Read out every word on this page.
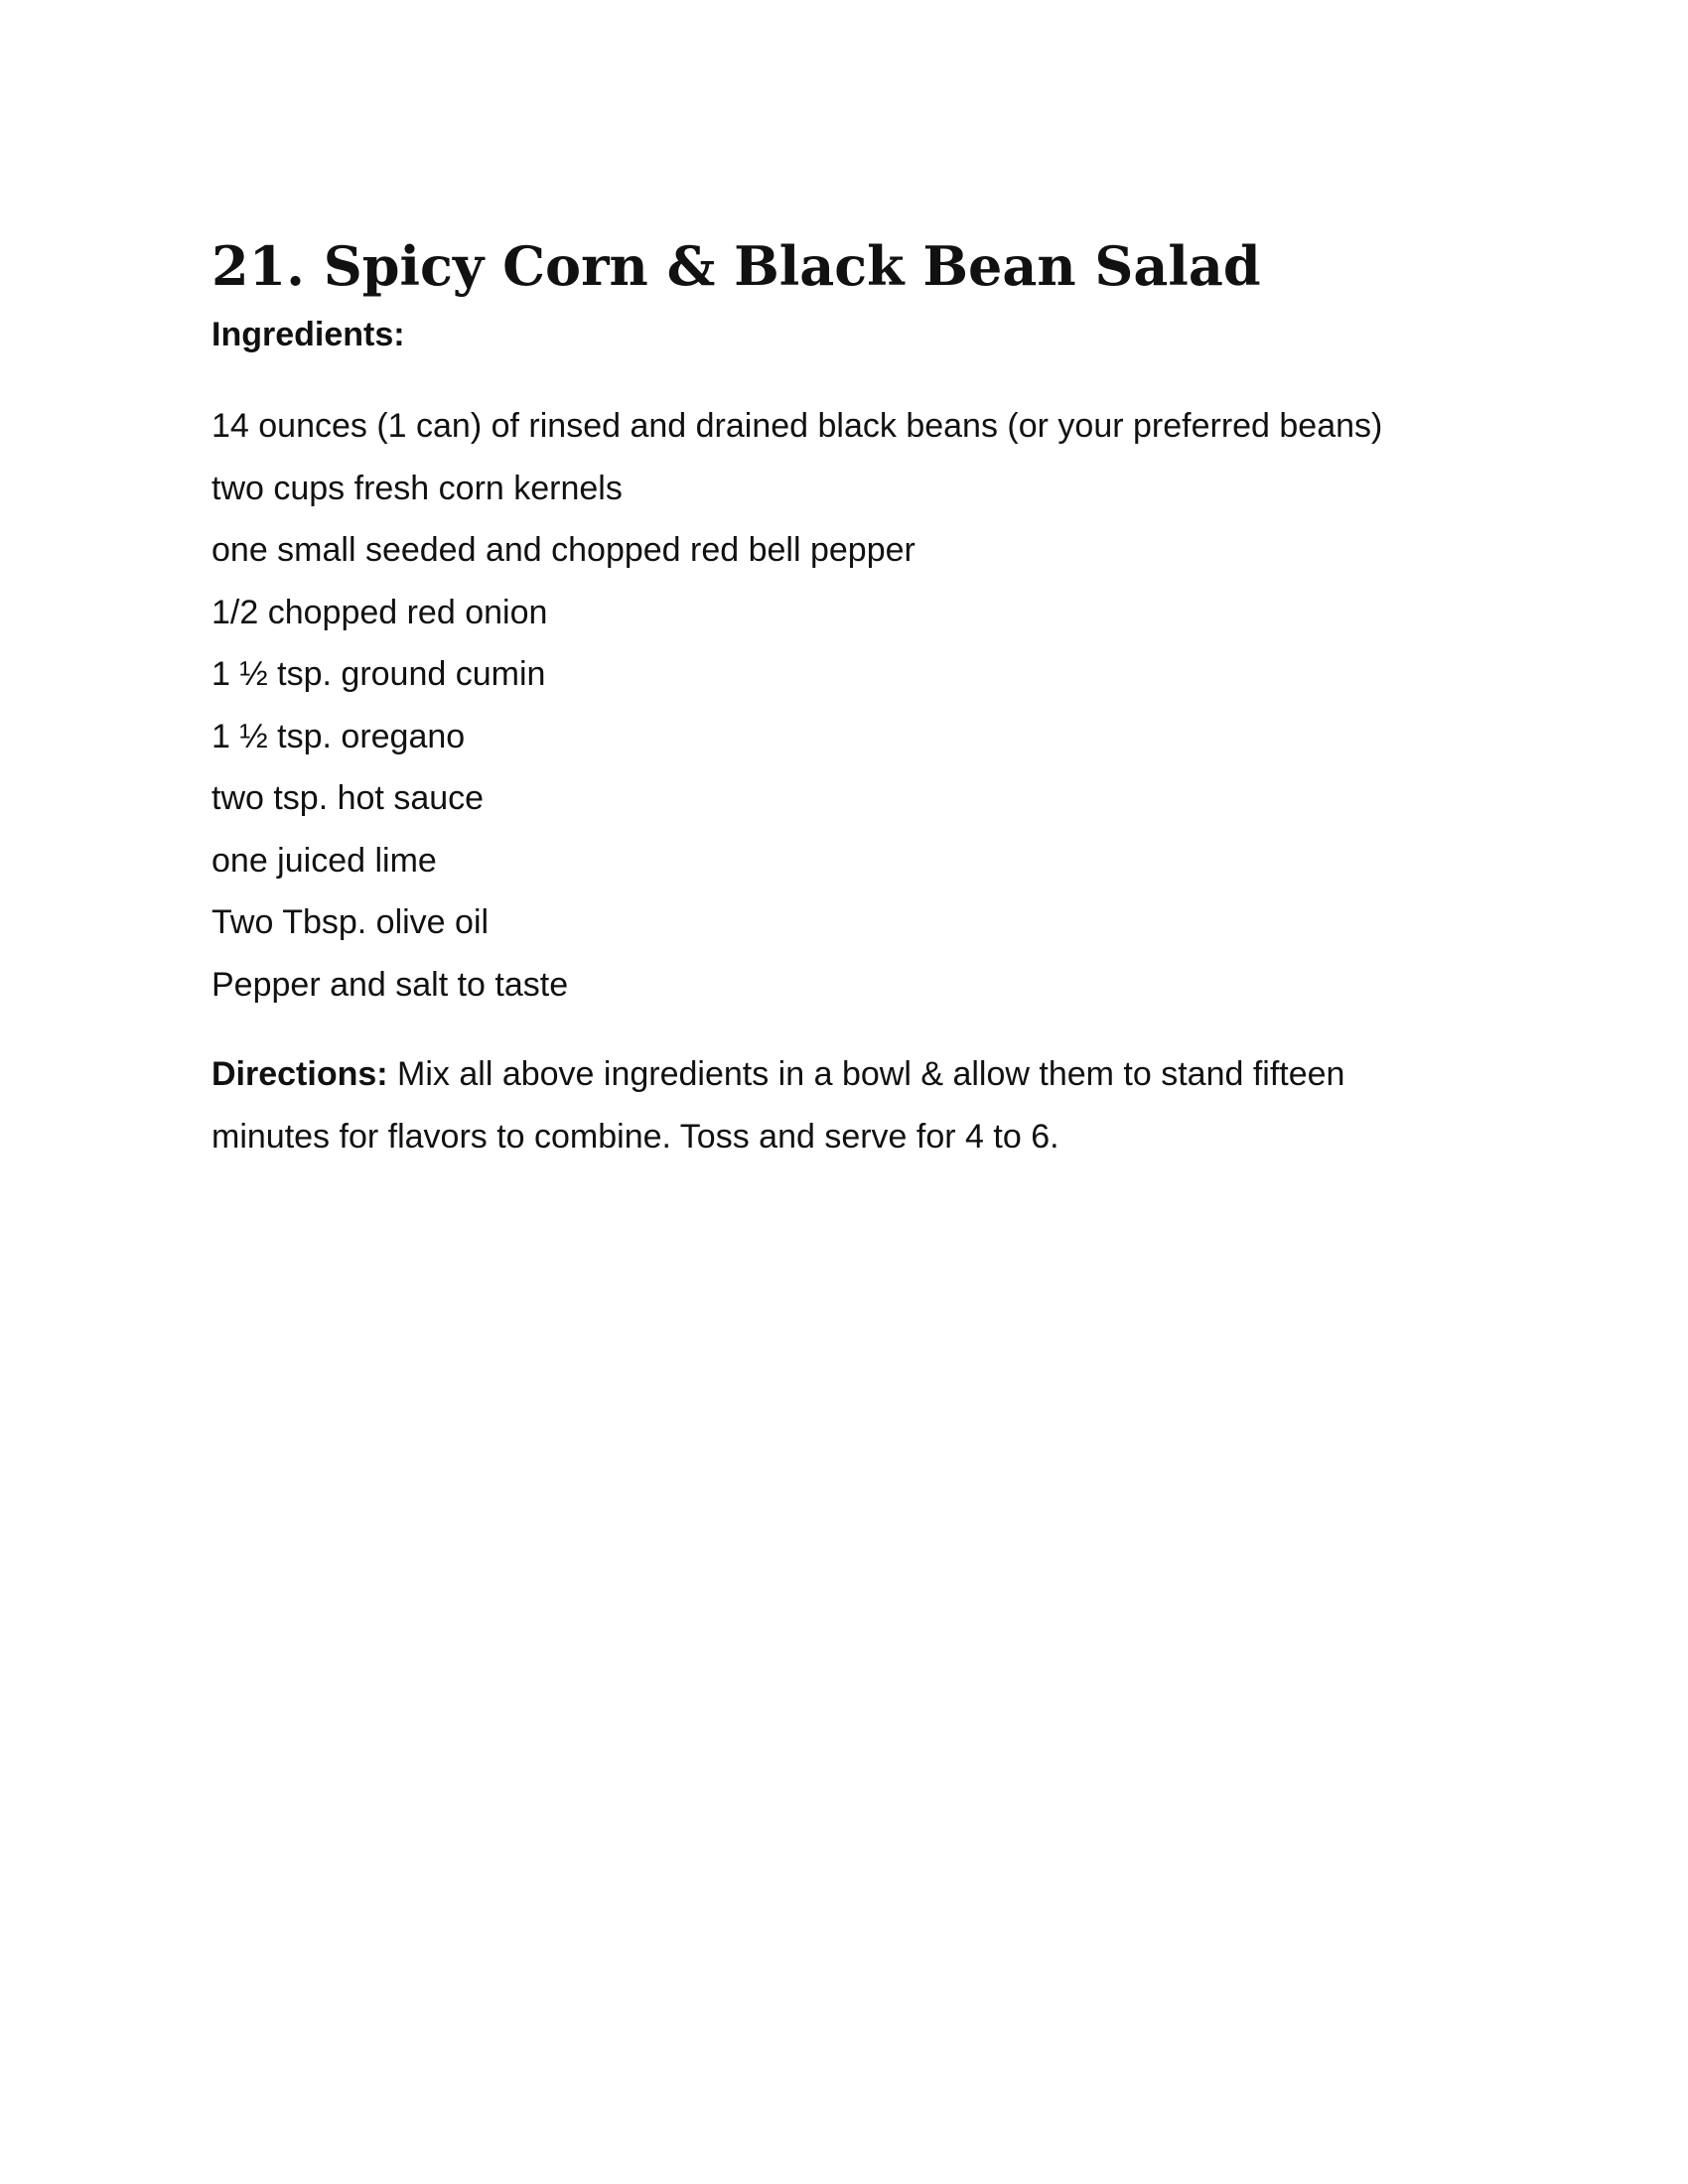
21. Spicy Corn & Black Bean Salad
Ingredients:
14 ounces (1 can) of rinsed and drained black beans (or your preferred beans)
two cups fresh corn kernels
one small seeded and chopped red bell pepper
1/2 chopped red onion
1 ½ tsp. ground cumin
1 ½ tsp. oregano
two tsp. hot sauce
one juiced lime
Two Tbsp. olive oil
Pepper and salt to taste

Directions: Mix all above ingredients in a bowl & allow them to stand fifteen minutes for flavors to combine. Toss and serve for 4 to 6.
